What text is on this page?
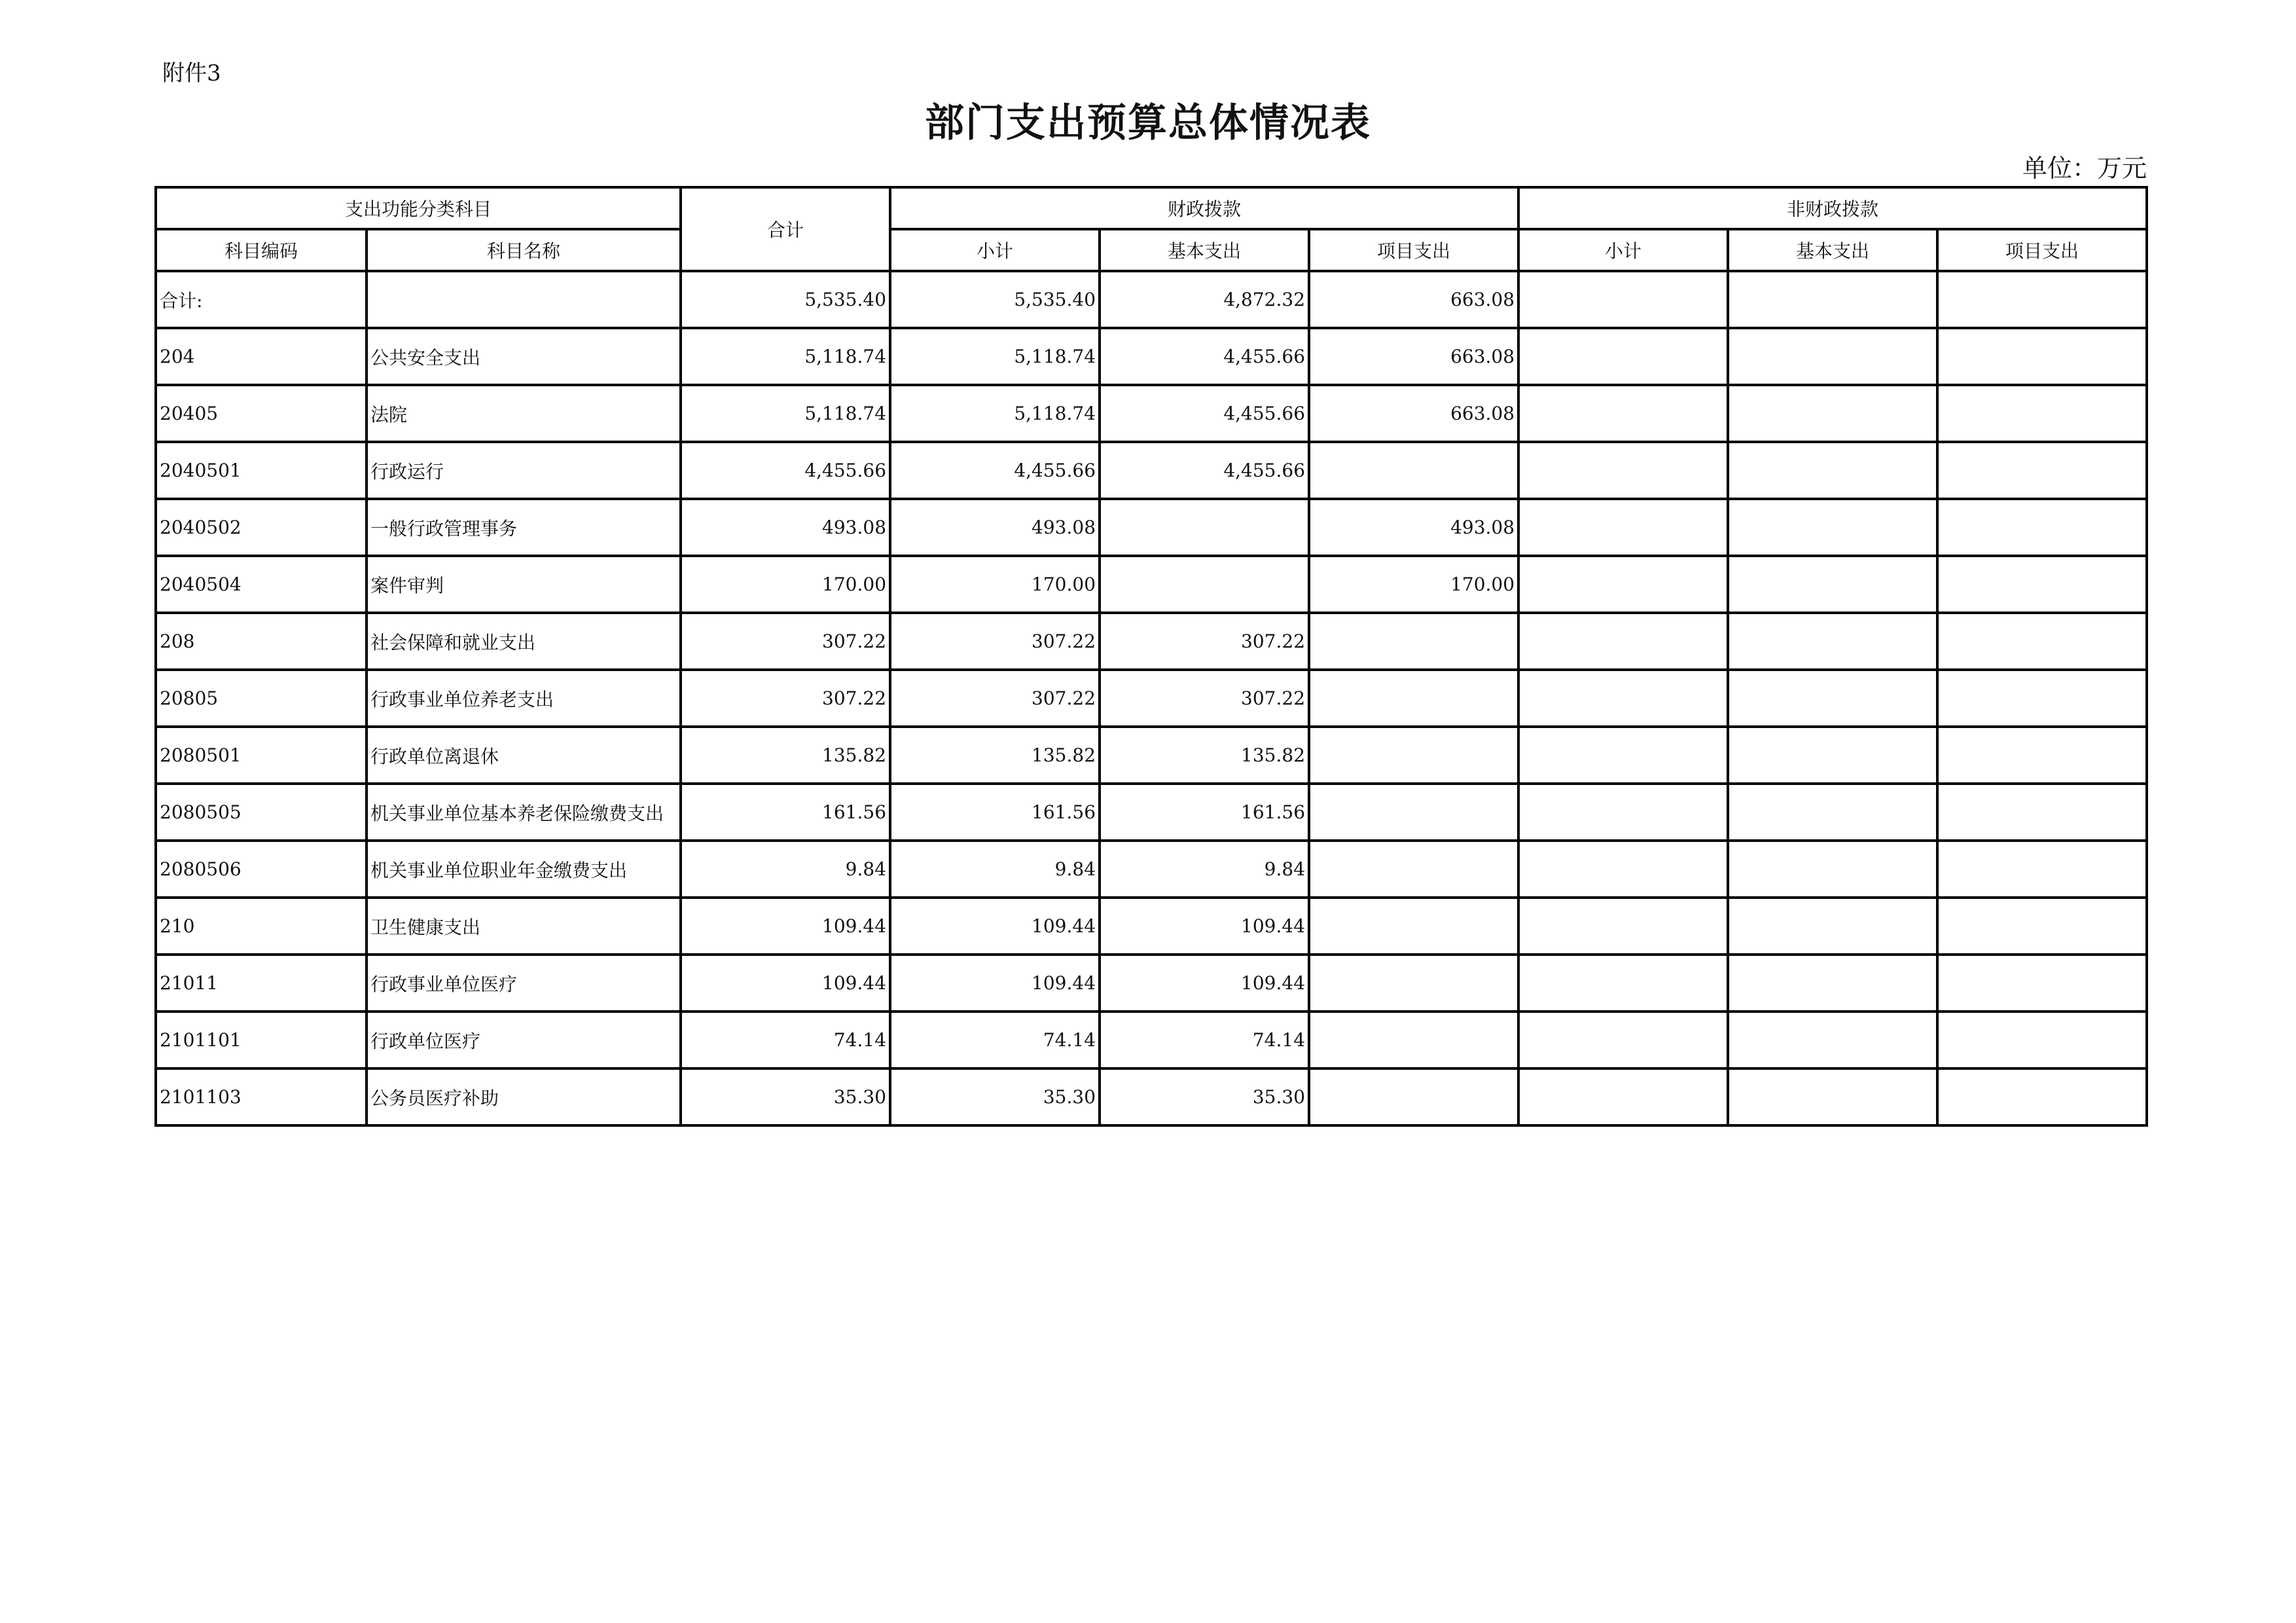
附件3
部门支出预算总体情况表
单位：万元
支出功能分类科目		合计	财政拨款			非财政拨款		
科目编码	科目名称		小计	基本支出	项目支出	小计	基本支出	项目支出
合计:		5,535.40	5,535.40	4,872.32	663.08			
204	公共安全支出	5,118.74	5,118.74	4,455.66	663.08			
20405	法院	5,118.74	5,118.74	4,455.66	663.08			
2040501	行政运行	4,455.66	4,455.66	4,455.66				
2040502	一般行政管理事务	493.08	493.08		493.08			
2040504	案件审判	170.00	170.00		170.00			
208	社会保障和就业支出	307.22	307.22	307.22				
20805	行政事业单位养老支出	307.22	307.22	307.22				
2080501	行政单位离退休	135.82	135.82	135.82				
2080505	机关事业单位基本养老保险缴费支出	161.56	161.56	161.56				
2080506	机关事业单位职业年金缴费支出	9.84	9.84	9.84				
210	卫生健康支出	109.44	109.44	109.44				
21011	行政事业单位医疗	109.44	109.44	109.44				
2101101	行政单位医疗	74.14	74.14	74.14				
2101103	公务员医疗补助	35.30	35.30	35.30				
